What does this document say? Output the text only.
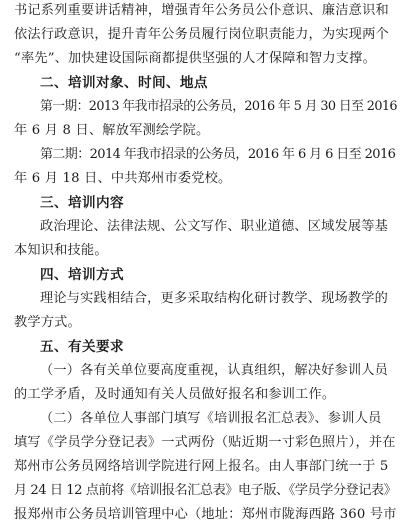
书记系列重要讲话精神，增强青年公务员公仆意识、廉洁意识和
依法行政意识，提升青年公务员履行岗位职责能力，为实现两个
“率先”、加快建设国际商都提供坚强的人才保障和智力支撑。
二、培训对象、时间、地点
第一期：2013 年我市招录的公务员，2016 年 5 月 30 日至 2016
年 6 月 8 日、解放军测绘学院。
第二期：2014 年我市招录的公务员，2016 年 6 月 6 日至 2016
年 6 月 18 日、中共郑州市委党校。
三、培训内容
政治理论、法律法规、公文写作、职业道德、区域发展等基
本知识和技能。
四、培训方式
理论与实践相结合，更多采取结构化研讨教学、现场教学的
教学方式。
五、有关要求
（一）各有关单位要高度重视，认真组织，解决好参训人员
的工学矛盾，及时通知有关人员做好报名和参训工作。
（二）各单位人事部门填写《培训报名汇总表》、参训人员
填写《学员学分登记表》一式两份（贴近期一寸彩色照片），并在
郑州市公务员网络培训学院进行网上报名。由人事部门统一于 5
月 24 日 12 点前将《培训报名汇总表》电子版、《学员学分登记表》
报郑州市公务员培训管理中心（地址：郑州市陇海西路 360 号市
